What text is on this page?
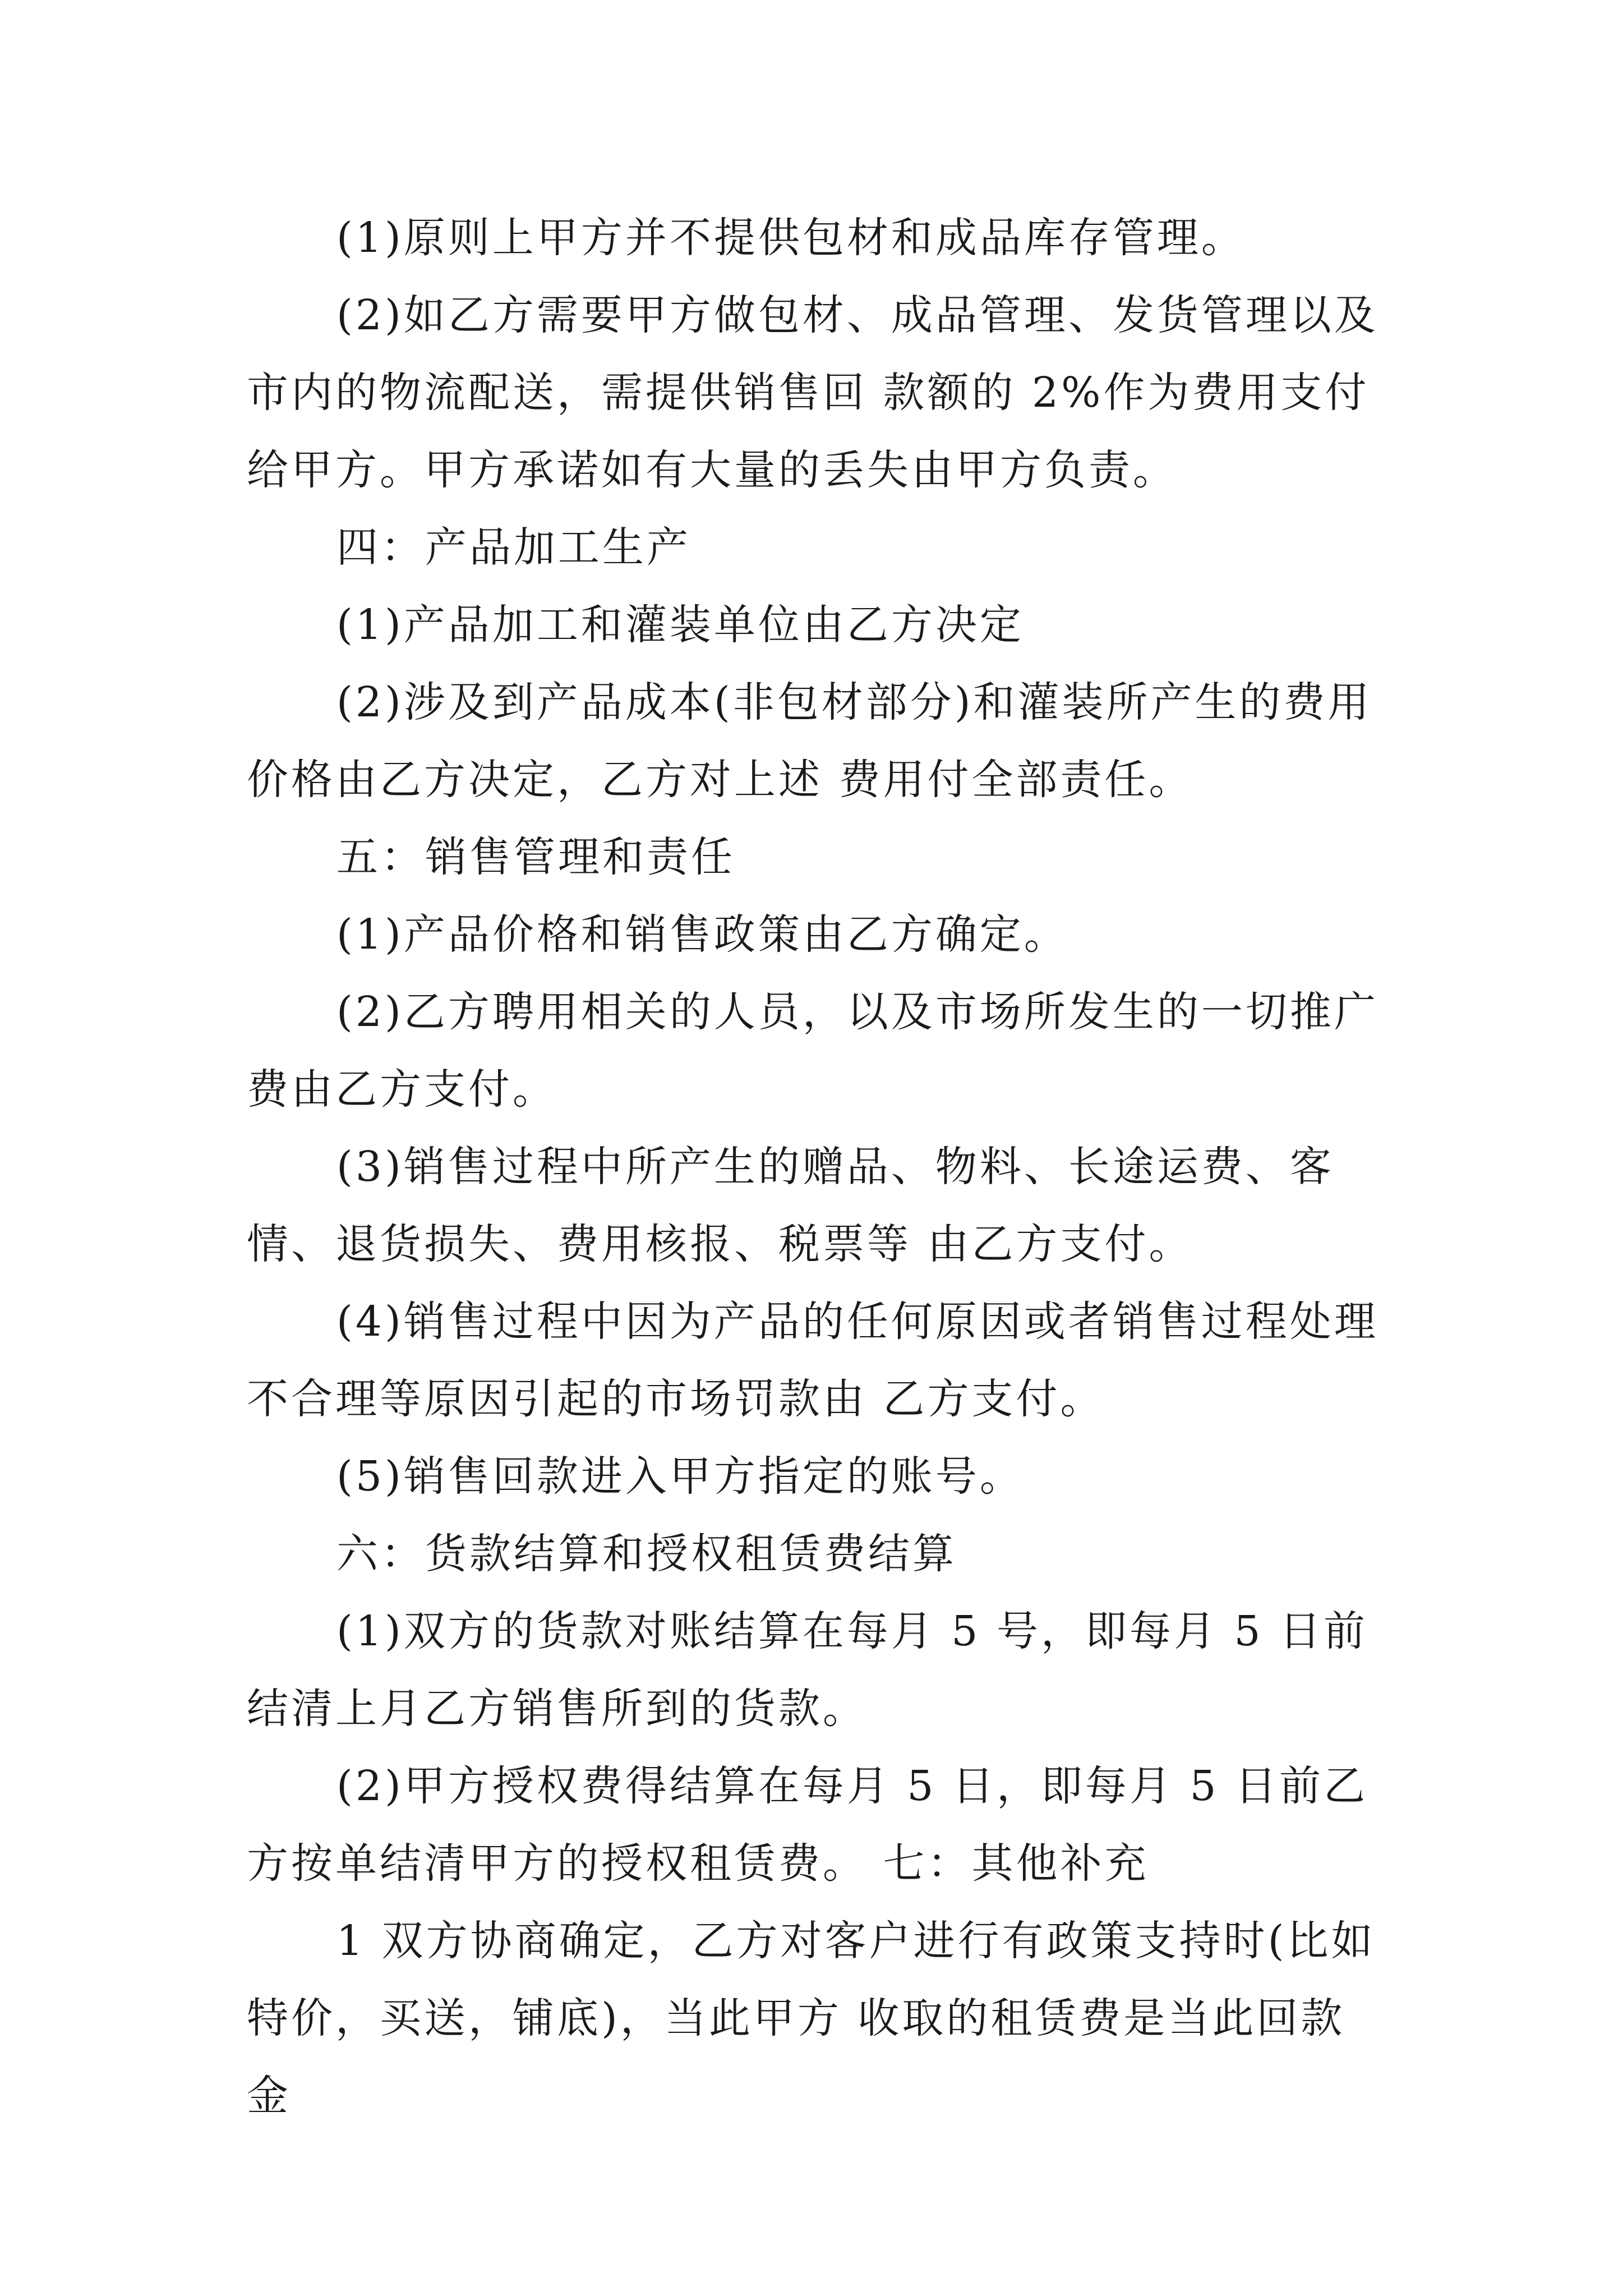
(1)原则上甲方并不提供包材和成品库存管理。

(2)如乙方需要甲方做包材、成品管理、发货管理以及市内的物流配送，需提供销售回 款额的 2%作为费用支付给甲方。甲方承诺如有大量的丢失由甲方负责。

四：产品加工生产

(1)产品加工和灌装单位由乙方决定

(2)涉及到产品成本(非包材部分)和灌装所产生的费用价格由乙方决定，乙方对上述 费用付全部责任。

五：销售管理和责任

(1)产品价格和销售政策由乙方确定。

(2)乙方聘用相关的人员，以及市场所发生的一切推广费由乙方支付。

(3)销售过程中所产生的赠品、物料、长途运费、客情、退货损失、费用核报、税票等 由乙方支付。

(4)销售过程中因为产品的任何原因或者销售过程处理不合理等原因引起的市场罚款由 乙方支付。

(5)销售回款进入甲方指定的账号。

六：货款结算和授权租赁费结算

(1)双方的货款对账结算在每月 5 号，即每月 5 日前结清上月乙方销售所到的货款。

(2)甲方授权费得结算在每月 5 日，即每月 5 日前乙方按单结清甲方的授权租赁费。 七：其他补充

1 双方协商确定，乙方对客户进行有政策支持时(比如特价，买送，铺底)，当此甲方 收取的租赁费是当此回款金
